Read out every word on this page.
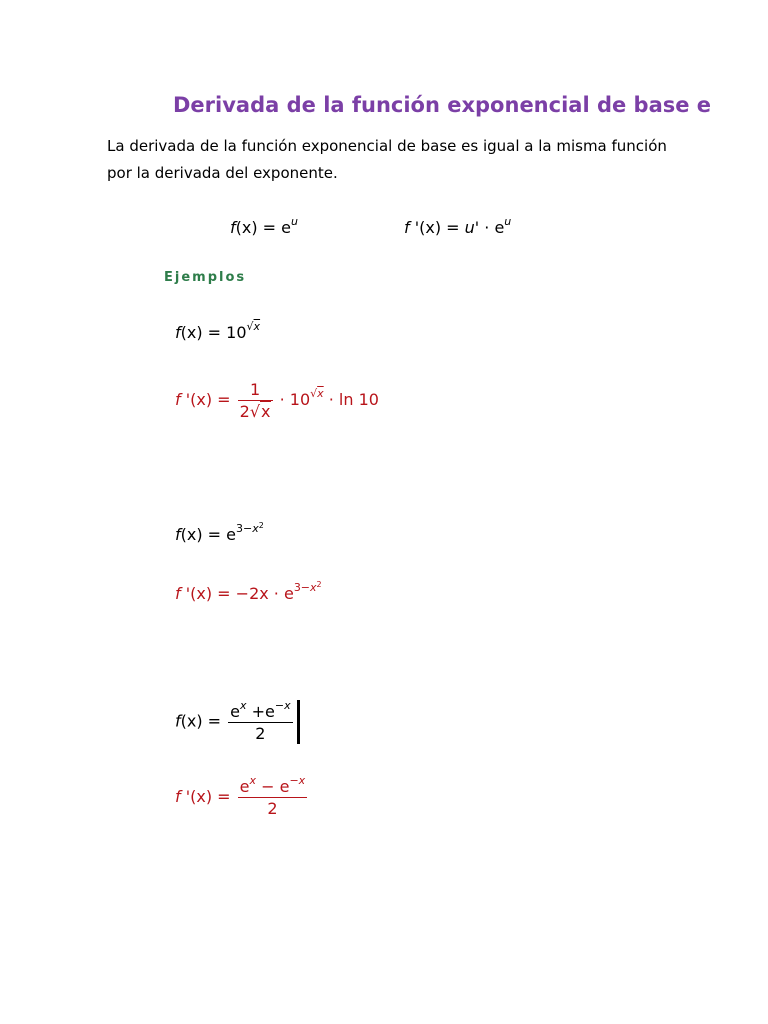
Derivada de la función exponencial de base e
La derivada de la función exponencial de base es igual a la misma función por la derivada del exponente.
$f(x) = e^u$	f '$(x) = u' \cdot e^u$
Ejemplos
$f(x) = 10^{√x}$
f '$(x) = \frac{1}{2√x} \cdot 10^{√x} \cdot \ln 10$
$f(x) = e^{3-x^2}$
f '$(x) = -2x \cdot e^{3-x^2}$
$f(x) = \frac{e^x +e^{-x}}{2}$
f '$(x) = \frac{e^x - e^{-x}}{2}$
